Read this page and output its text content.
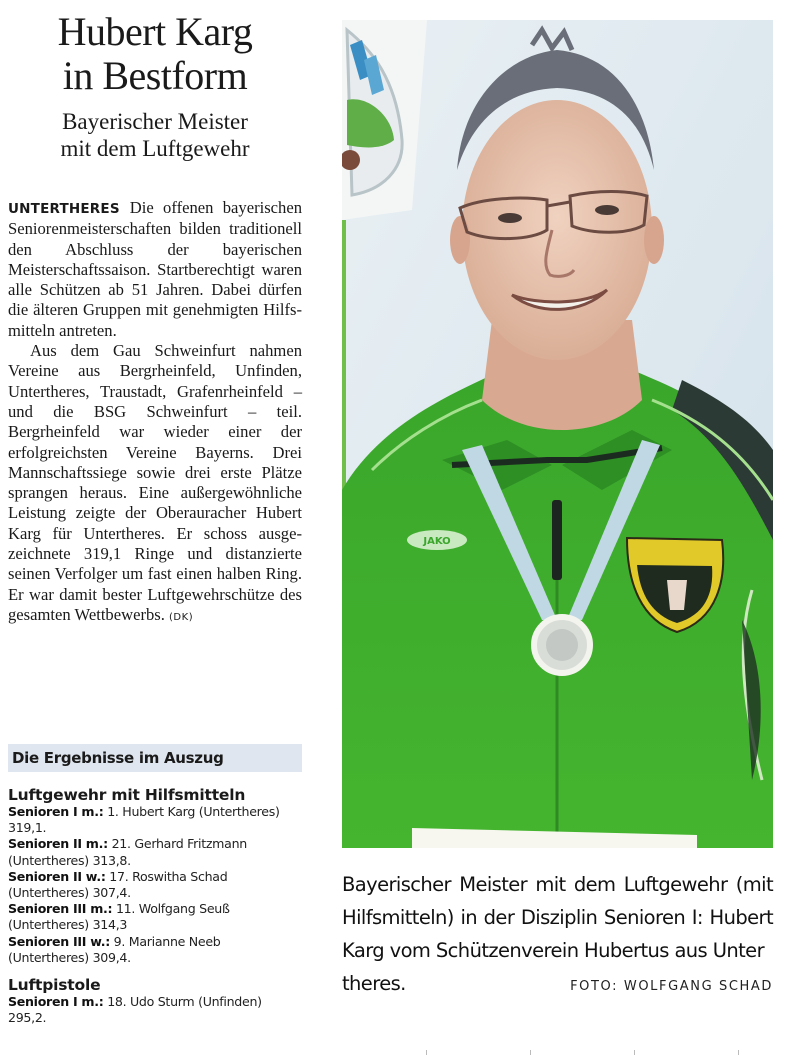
Hubert Karg
in Bestform
Bayerischer Meister
mit dem Luftgewehr

UNTERTHERES Die offenen bayerischen Seniorenmeisterschaften bilden traditionell den Abschluss der bayerischen Meisterschaftssaison. Startberechtigt waren alle Schützen ab 51 Jahren. Dabei dürfen die älteren Gruppen mit genehmigten Hilfsmitteln antreten.

Aus dem Gau Schweinfurt nahmen Vereine aus Bergrheinfeld, Unfinden, Untertheres, Traustadt, Grafenrheinfeld – und die BSG Schweinfurt – teil. Bergrheinfeld war wieder einer der erfolgreichsten Vereine Bayerns. Drei Mannschaftssiege sowie drei erste Plätze sprangen heraus. Eine außergewöhnliche Leistung zeigte der Oberauracher Hubert Karg für Untertheres. Er schoss ausgezeichnete 319,1 Ringe und distanzierte seinen Verfolger um fast einen halben Ring. Er war damit bester Luftgewehrschütze des gesamten Wettbewerbs. (DK)

Die Ergebnisse im Auszug
Luftgewehr mit Hilfsmitteln
Senioren I m.: 1. Hubert Karg (Untertheres) 319,1.
Senioren II m.: 21. Gerhard Fritzmann (Untertheres) 313,8.
Senioren II w.: 17. Roswitha Schad (Untertheres) 307,4.
Senioren III m.: 11. Wolfgang Seuß (Untertheres) 314,3
Senioren III w.: 9. Marianne Neeb (Untertheres) 309,4.
Luftpistole
Senioren I m.: 18. Udo Sturm (Unfinden) 295,2.
JAKO
Bayerischer Meister mit dem Luftgewehr (mit Hilfsmitteln) in der Disziplin Senioren I: Hubert Karg vom Schützenverein Hubertus aus Unter
theres.	FOTO: WOLFGANG SCHAD
